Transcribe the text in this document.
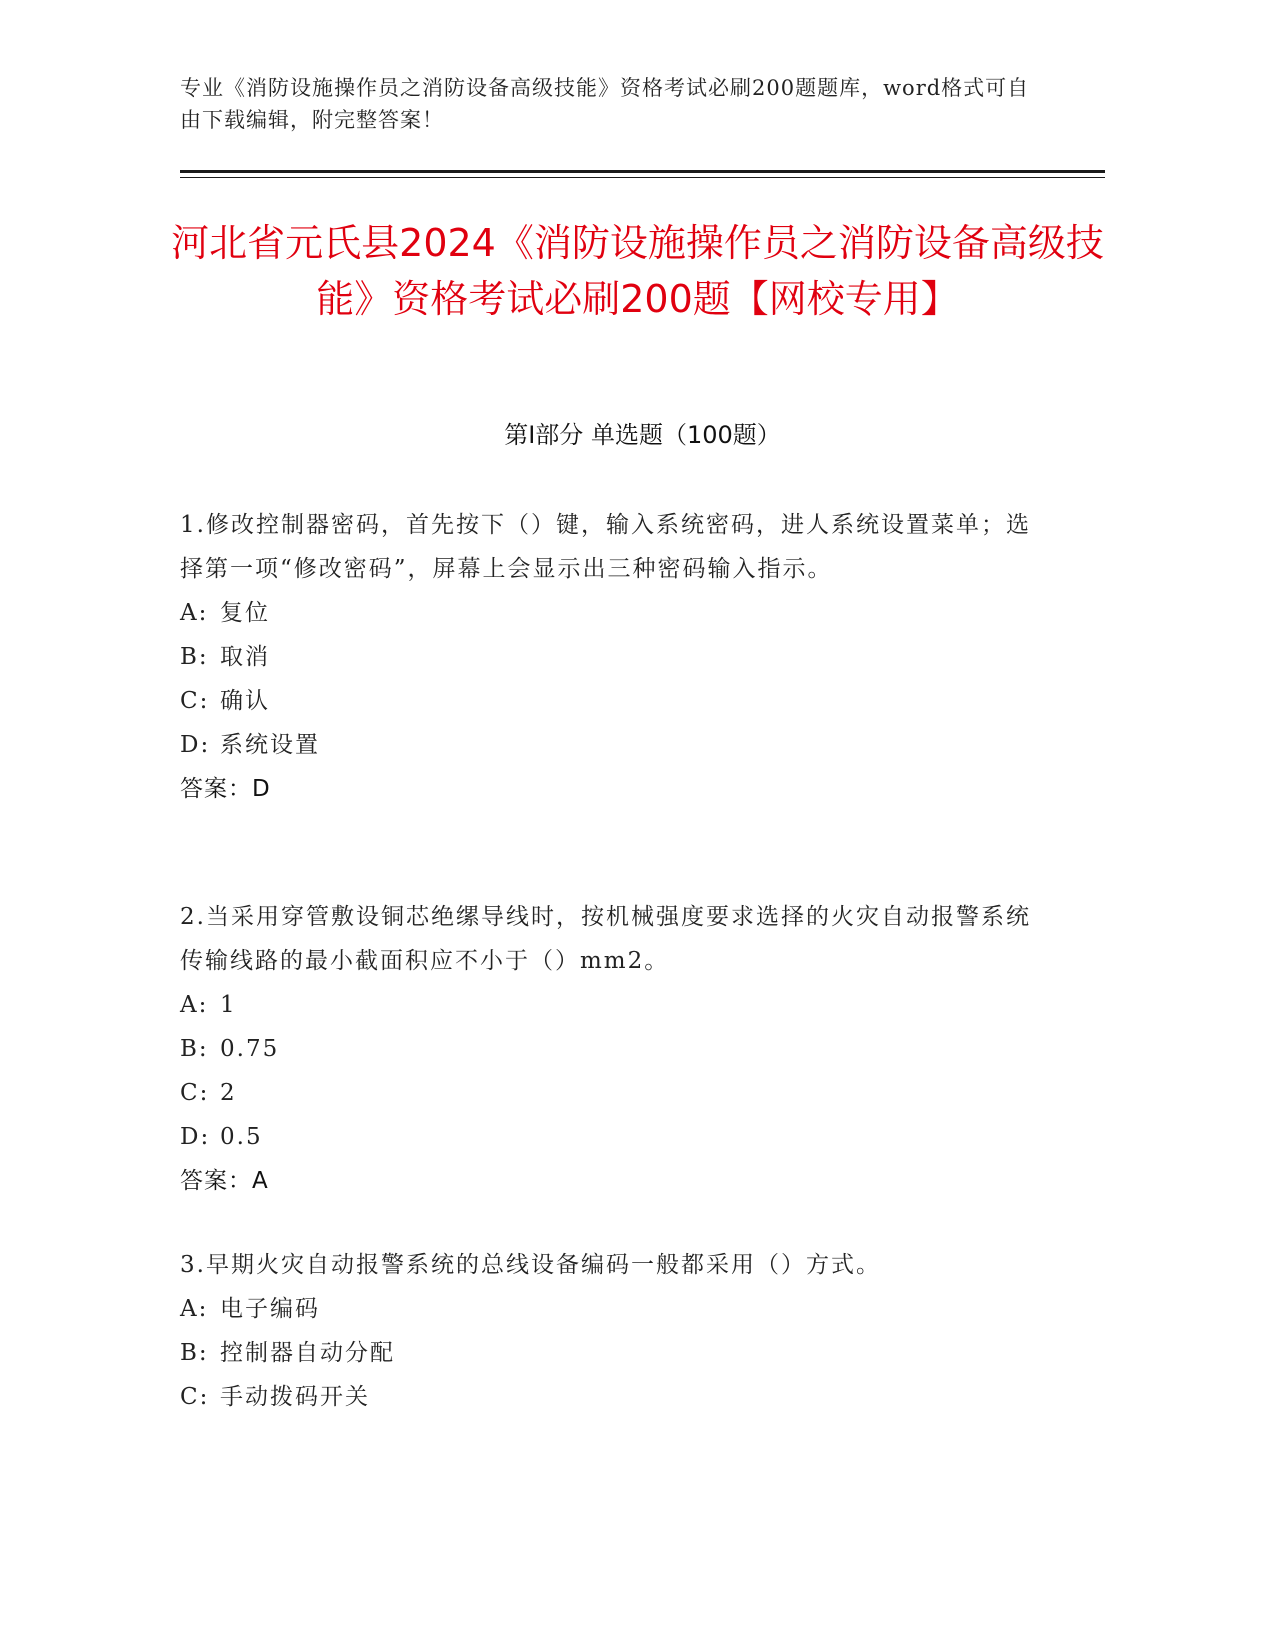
专业《消防设施操作员之消防设备高级技能》资格考试必刷200题题库，word格式可自由下载编辑，附完整答案！
河北省元氏县2024《消防设施操作员之消防设备高级技能》资格考试必刷200题【网校专用】
第Ⅰ部分 单选题（100题）
1.修改控制器密码，首先按下（）键，输入系统密码，进人系统设置菜单；选择第一项“修改密码”，屏幕上会显示出三种密码输入指示。
A: 复位
B: 取消
C: 确认
D: 系统设置
答案：D
2.当采用穿管敷设铜芯绝缧导线时，按机械强度要求选择的火灾自动报警系统传输线路的最小截面积应不小于（）mm2。
A: 1
B: 0.75
C: 2
D: 0.5
答案：A
3.早期火灾自动报警系统的总线设备编码一般都采用（）方式。
A: 电子编码
B: 控制器自动分配
C: 手动拨码开关
